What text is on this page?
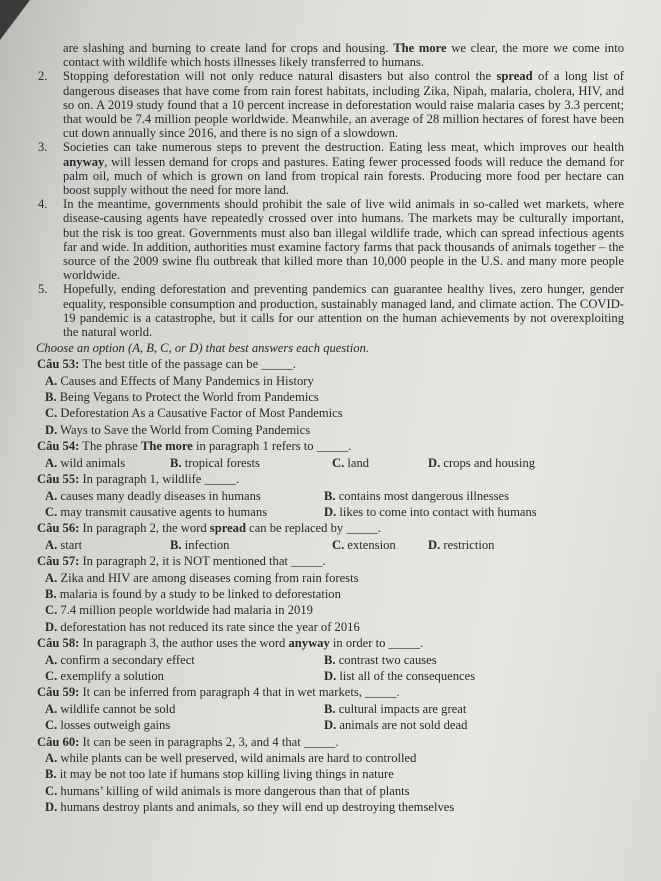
are slashing and burning to create land for crops and housing. The more we clear, the more we come into contact with wildlife which hosts illnesses likely transferred to humans.

2. Stopping deforestation will not only reduce natural disasters but also control the spread of a long list of dangerous diseases that have come from rain forest habitats, including Zika, Nipah, malaria, cholera, HIV, and so on. A 2019 study found that a 10 percent increase in deforestation would raise malaria cases by 3.3 percent; that would be 7.4 million people worldwide. Meanwhile, an average of 28 million hectares of forest have been cut down annually since 2016, and there is no sign of a slowdown.

3. Societies can take numerous steps to prevent the destruction. Eating less meat, which improves our health anyway, will lessen demand for crops and pastures. Eating fewer processed foods will reduce the demand for palm oil, much of which is grown on land from tropical rain forests. Producing more food per hectare can boost supply without the need for more land.

4. In the meantime, governments should prohibit the sale of live wild animals in so-called wet markets, where disease-causing agents have repeatedly crossed over into humans. The markets may be culturally important, but the risk is too great. Governments must also ban illegal wildlife trade, which can spread infectious agents far and wide. In addition, authorities must examine factory farms that pack thousands of animals together – the source of the 2009 swine flu outbreak that killed more than 10,000 people in the U.S. and many more people worldwide.

5. Hopefully, ending deforestation and preventing pandemics can guarantee healthy lives, zero hunger, gender equality, responsible consumption and production, sustainably managed land, and climate action. The COVID-19 pandemic is a catastrophe, but it calls for our attention on the human achievements by not overexploiting the natural world.

Choose an option (A, B, C, or D) that best answers each question.
Câu 53: The best title of the passage can be _____.
A. Causes and Effects of Many Pandemics in History
B. Being Vegans to Protect the World from Pandemics
C. Deforestation As a Causative Factor of Most Pandemics
D. Ways to Save the World from Coming Pandemics
Câu 54: The phrase The more in paragraph 1 refers to _____.
A. wild animals	B. tropical forests	C. land	D. crops and housing
Câu 55: In paragraph 1, wildlife _____.
A. causes many deadly diseases in humans	B. contains most dangerous illnesses
C. may transmit causative agents to humans	D. likes to come into contact with humans
Câu 56: In paragraph 2, the word spread can be replaced by _____.
A. start	B. infection	C. extension	D. restriction
Câu 57: In paragraph 2, it is NOT mentioned that _____.
A. Zika and HIV are among diseases coming from rain forests
B. malaria is found by a study to be linked to deforestation
C. 7.4 million people worldwide had malaria in 2019
D. deforestation has not reduced its rate since the year of 2016
Câu 58: In paragraph 3, the author uses the word anyway in order to _____.
A. confirm a secondary effect	B. contrast two causes
C. exemplify a solution	D. list all of the consequences
Câu 59: It can be inferred from paragraph 4 that in wet markets, _____.
A. wildlife cannot be sold	B. cultural impacts are great
C. losses outweigh gains	D. animals are not sold dead
Câu 60: It can be seen in paragraphs 2, 3, and 4 that _____.
A. while plants can be well preserved, wild animals are hard to controlled
B. it may be not too late if humans stop killing living things in nature
C. humans’ killing of wild animals is more dangerous than that of plants
D. humans destroy plants and animals, so they will end up destroying themselves
